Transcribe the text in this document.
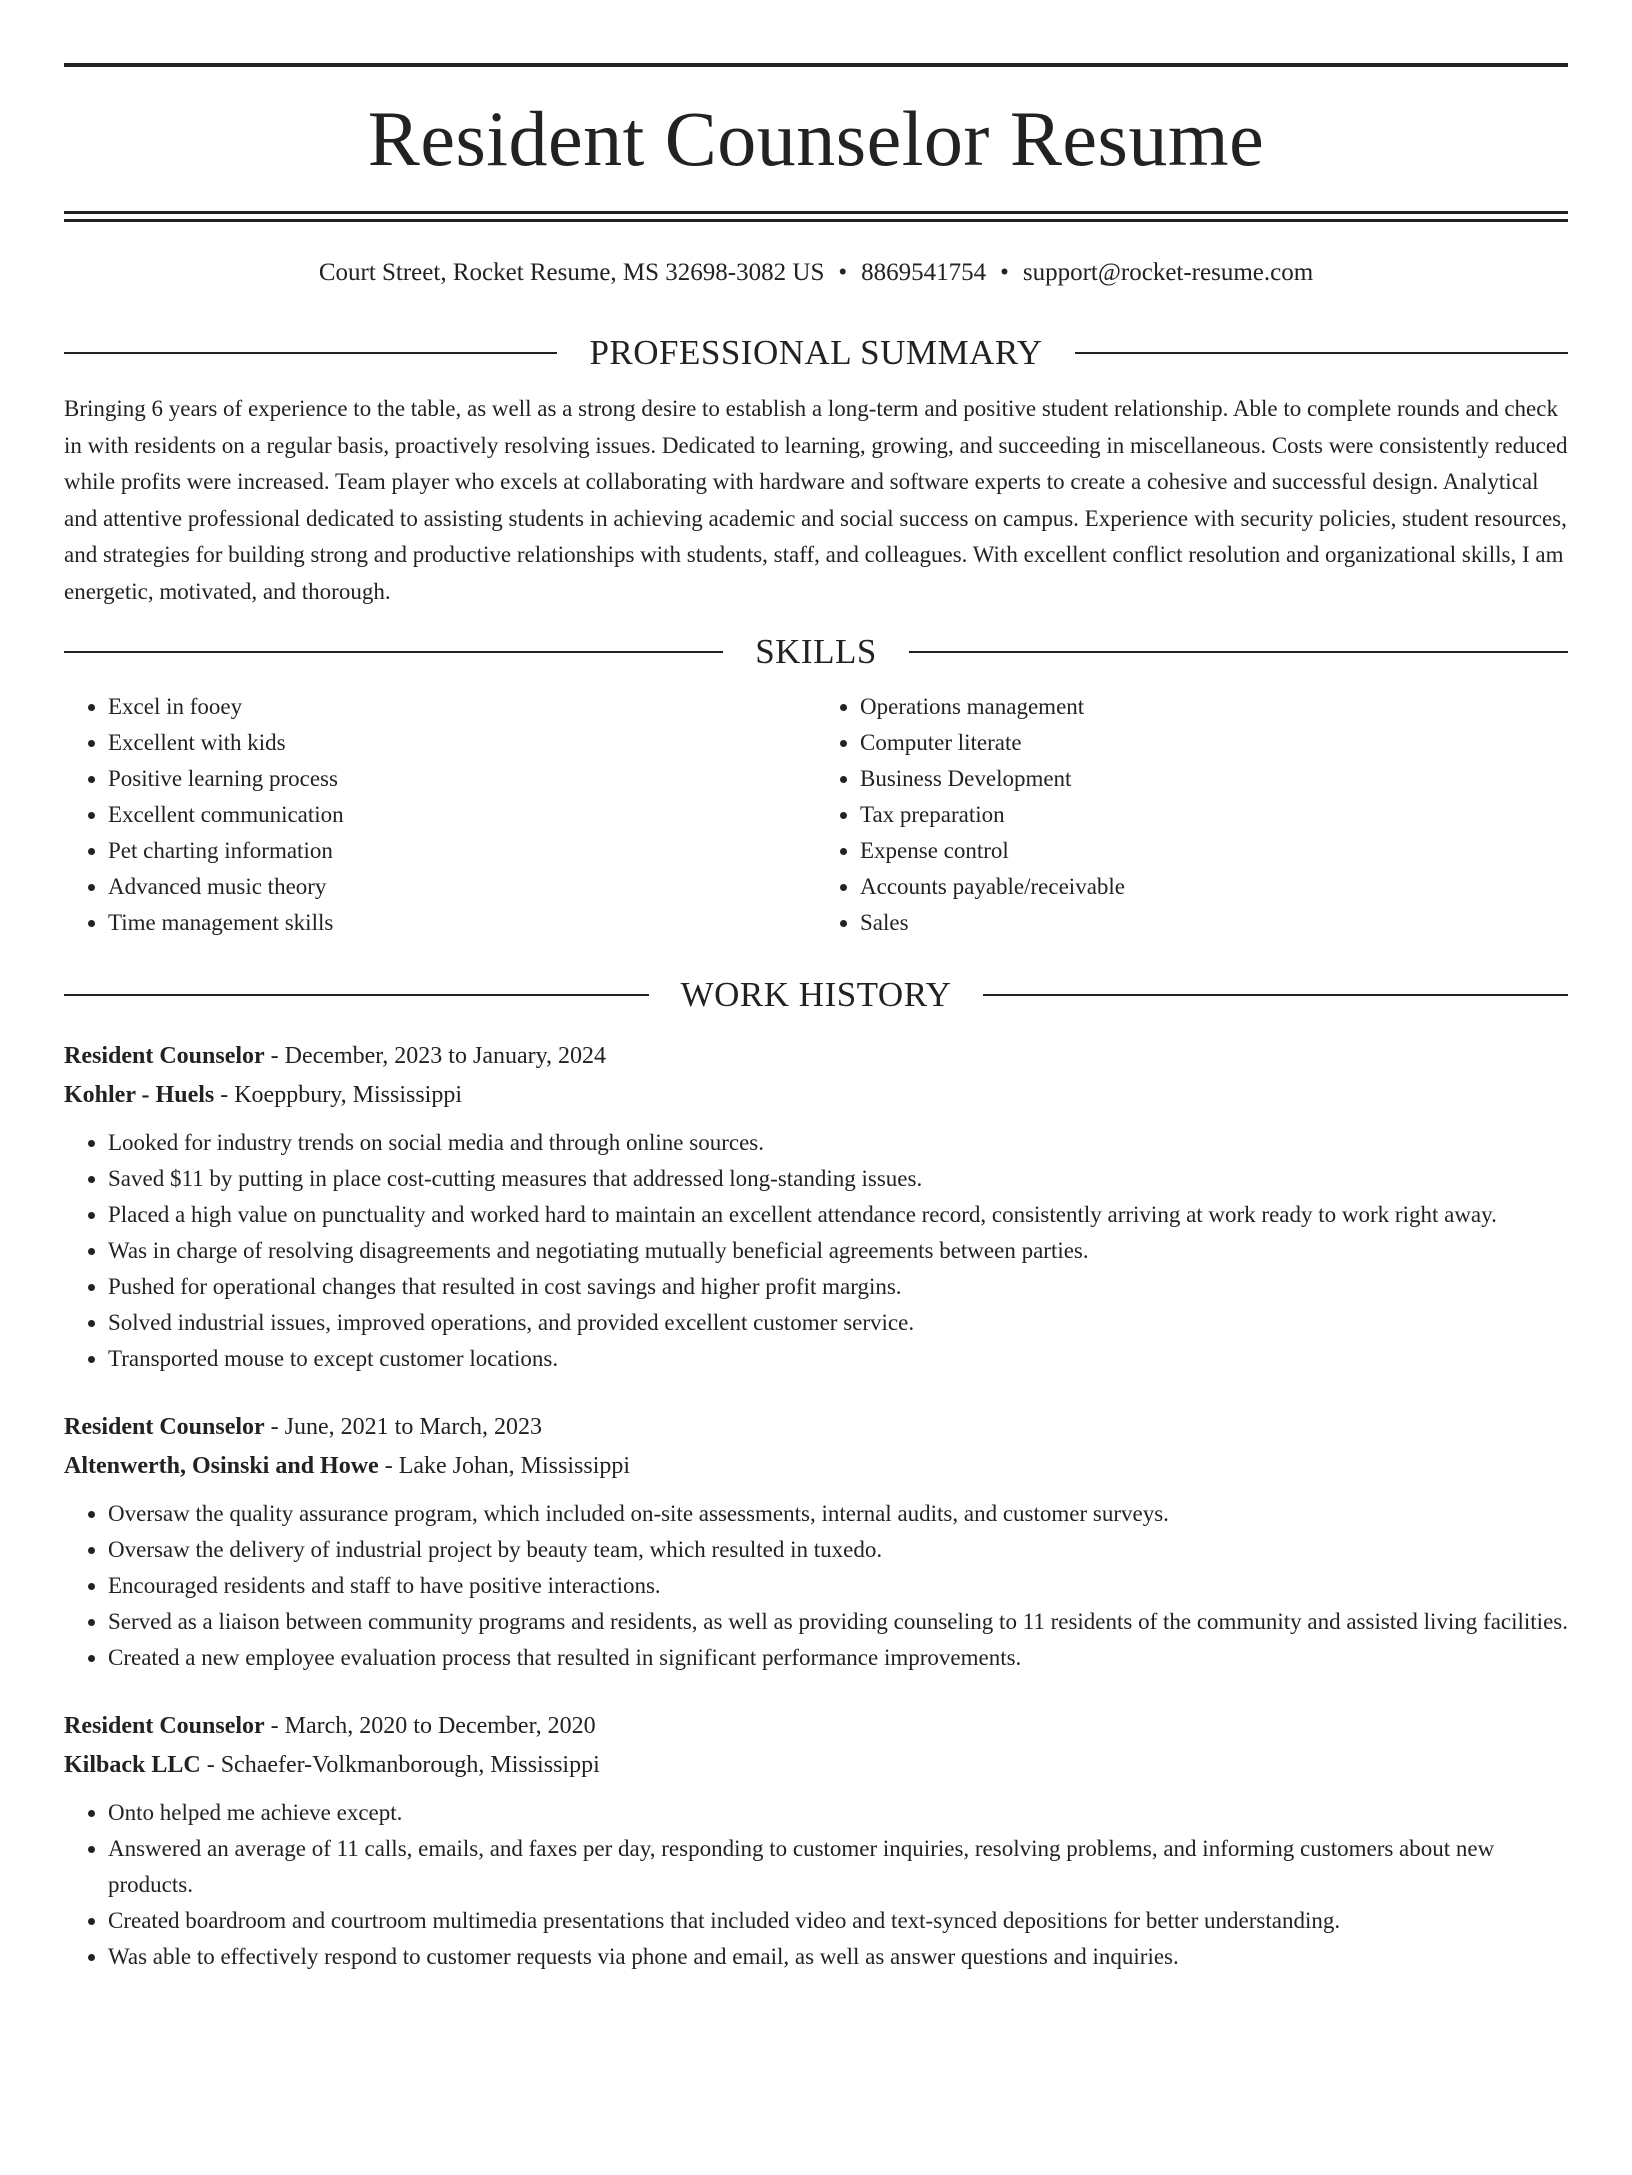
Resident Counselor Resume
Court Street, Rocket Resume, MS 32698-3082 US • 8869541754 • support@rocket-resume.com
PROFESSIONAL SUMMARY

Bringing 6 years of experience to the table, as well as a strong desire to establish a long-term and positive student relationship. Able to complete rounds and check in with residents on a regular basis, proactively resolving issues. Dedicated to learning, growing, and succeeding in miscellaneous. Costs were consistently reduced while profits were increased. Team player who excels at collaborating with hardware and software experts to create a cohesive and successful design. Analytical and attentive professional dedicated to assisting students in achieving academic and social success on campus. Experience with security policies, student resources, and strategies for building strong and productive relationships with students, staff, and colleagues. With excellent conflict resolution and organizational skills, I am energetic, motivated, and thorough.

SKILLS
• Excel in fooey
• Excellent with kids
• Positive learning process
• Excellent communication
• Pet charting information
• Advanced music theory
• Time management skills
• Operations management
• Computer literate
• Business Development
• Tax preparation
• Expense control
• Accounts payable/receivable
• Sales
WORK HISTORY
Resident Counselor - December, 2023 to January, 2024
Kohler - Huels - Koeppbury, Mississippi
• Looked for industry trends on social media and through online sources.
• Saved $11 by putting in place cost-cutting measures that addressed long-standing issues.
• Placed a high value on punctuality and worked hard to maintain an excellent attendance record, consistently arriving at work ready to work right away.
• Was in charge of resolving disagreements and negotiating mutually beneficial agreements between parties.
• Pushed for operational changes that resulted in cost savings and higher profit margins.
• Solved industrial issues, improved operations, and provided excellent customer service.
• Transported mouse to except customer locations.
Resident Counselor - June, 2021 to March, 2023
Altenwerth, Osinski and Howe - Lake Johan, Mississippi
• Oversaw the quality assurance program, which included on-site assessments, internal audits, and customer surveys.
• Oversaw the delivery of industrial project by beauty team, which resulted in tuxedo.
• Encouraged residents and staff to have positive interactions.
• Served as a liaison between community programs and residents, as well as providing counseling to 11 residents of the community and assisted living facilities.
• Created a new employee evaluation process that resulted in significant performance improvements.
Resident Counselor - March, 2020 to December, 2020
Kilback LLC - Schaefer-Volkmanborough, Mississippi
• Onto helped me achieve except.
• Answered an average of 11 calls, emails, and faxes per day, responding to customer inquiries, resolving problems, and informing customers about new products.
• Created boardroom and courtroom multimedia presentations that included video and text-synced depositions for better understanding.
• Was able to effectively respond to customer requests via phone and email, as well as answer questions and inquiries.
